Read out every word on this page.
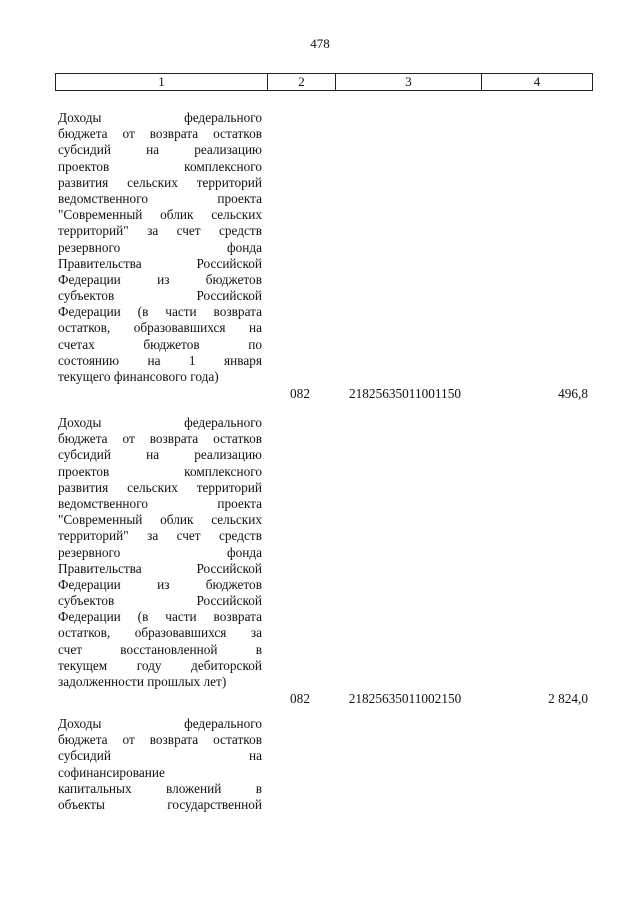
478
1	2	3	4
Доходы федерального
бюджета от возврата остатков
субсидий на реализацию
проектов комплексного
развития сельских территорий
ведомственного проекта
"Современный облик сельских
территорий" за счет средств
резервного фонда
Правительства Российской
Федерации из бюджетов
субъектов Российской
Федерации (в части возврата
остатков, образовавшихся на
счетах бюджетов по
состоянию на 1 января
текущего финансового года)
082	21825635011001150	496,8
Доходы федерального
бюджета от возврата остатков
субсидий на реализацию
проектов комплексного
развития сельских территорий
ведомственного проекта
"Современный облик сельских
территорий" за счет средств
резервного фонда
Правительства Российской
Федерации из бюджетов
субъектов Российской
Федерации (в части возврата
остатков, образовавшихся за
счет восстановленной в
текущем году дебиторской
задолженности прошлых лет)
082	21825635011002150	2 824,0
Доходы федерального
бюджета от возврата остатков
субсидий на
софинансирование
капитальных вложений в
объекты государственной
